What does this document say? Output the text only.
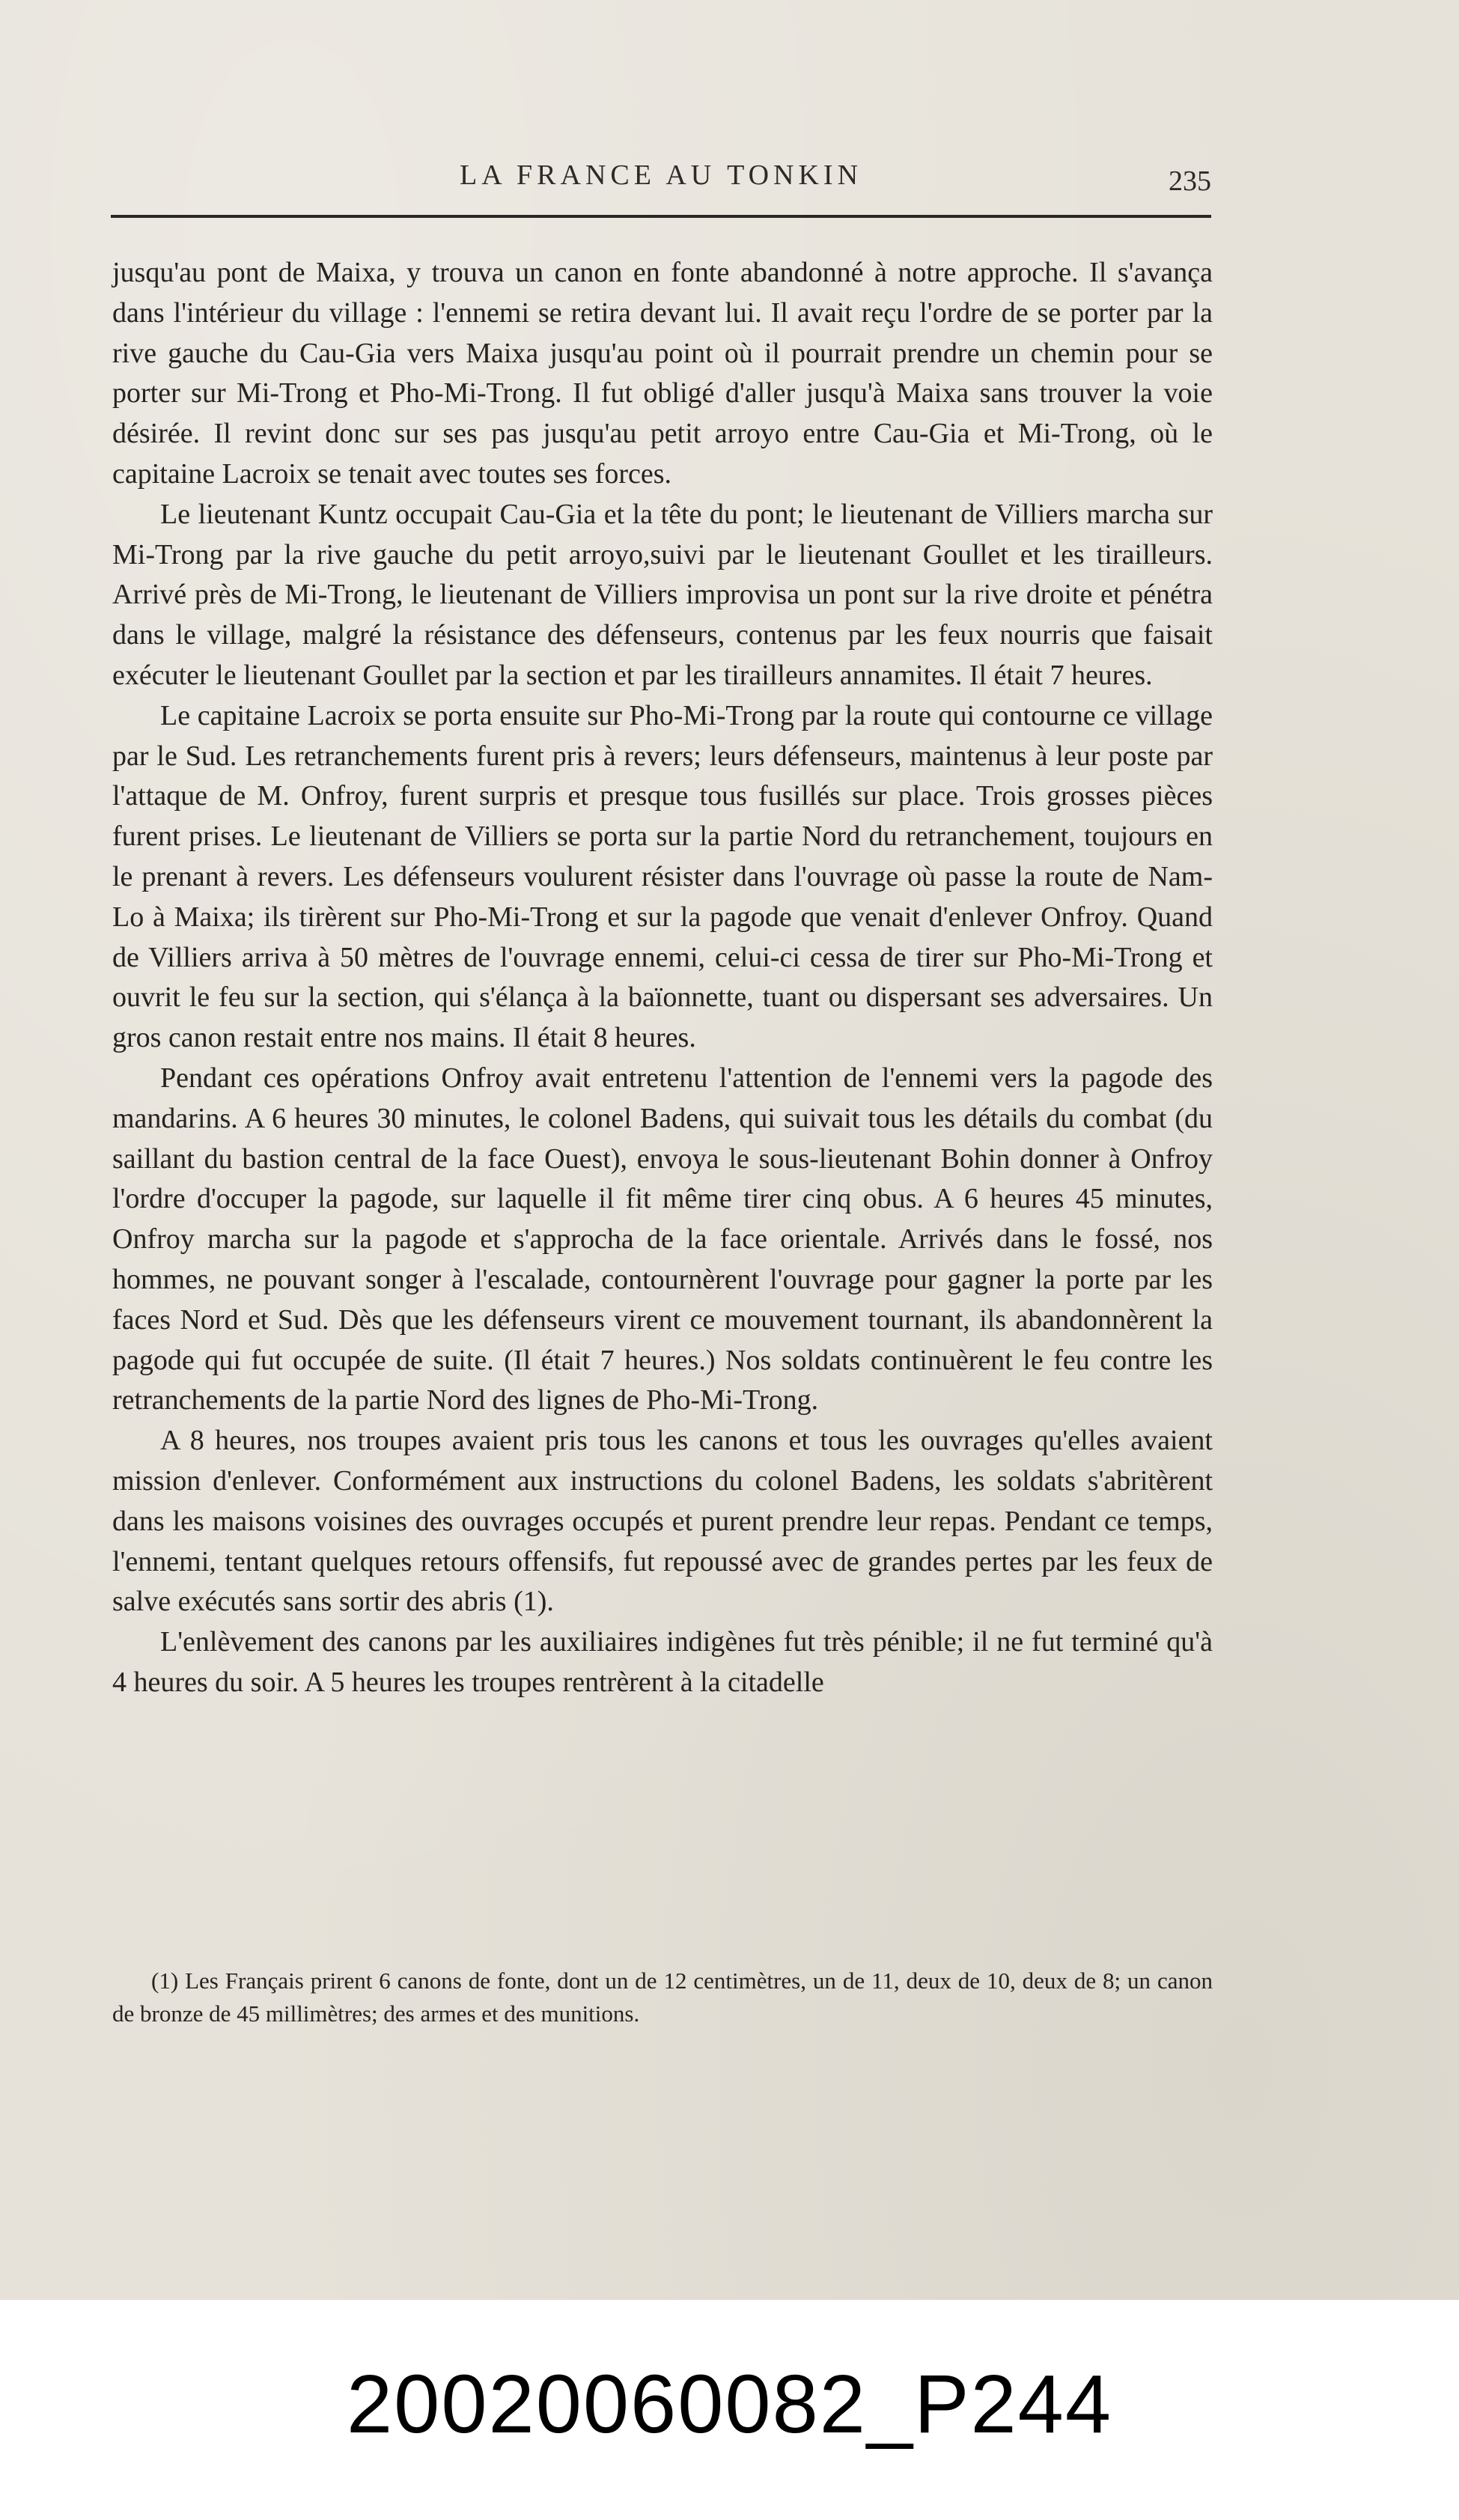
LA FRANCE AU TONKIN	235

jusqu'au pont de Maixa, y trouva un canon en fonte abandonné à notre approche. Il s'avança dans l'intérieur du village : l'ennemi se retira devant lui. Il avait reçu l'ordre de se porter par la rive gauche du Cau-Gia vers Maixa jusqu'au point où il pourrait prendre un chemin pour se porter sur Mi-Trong et Pho-Mi-Trong. Il fut obligé d'aller jusqu'à Maixa sans trouver la voie désirée. Il revint donc sur ses pas jusqu'au petit arroyo entre Cau-Gia et Mi-Trong, où le capitaine Lacroix se tenait avec toutes ses forces.

Le lieutenant Kuntz occupait Cau-Gia et la tête du pont; le lieutenant de Villiers marcha sur Mi-Trong par la rive gauche du petit arroyo,suivi par le lieutenant Goullet et les tirailleurs. Arrivé près de Mi-Trong, le lieutenant de Villiers improvisa un pont sur la rive droite et pénétra dans le village, malgré la résistance des défenseurs, contenus par les feux nourris que faisait exécuter le lieutenant Goullet par la section et par les tirailleurs annamites. Il était 7 heures.

Le capitaine Lacroix se porta ensuite sur Pho-Mi-Trong par la route qui contourne ce village par le Sud. Les retranchements furent pris à revers; leurs défenseurs, maintenus à leur poste par l'attaque de M. Onfroy, furent surpris et presque tous fusillés sur place. Trois grosses pièces furent prises. Le lieutenant de Villiers se porta sur la partie Nord du retranchement, toujours en le prenant à revers. Les défenseurs voulurent résister dans l'ouvrage où passe la route de Nam-Lo à Maixa; ils tirèrent sur Pho-Mi-Trong et sur la pagode que venait d'enlever Onfroy. Quand de Villiers arriva à 50 mètres de l'ouvrage ennemi, celui-ci cessa de tirer sur Pho-Mi-Trong et ouvrit le feu sur la section, qui s'élança à la baïonnette, tuant ou dispersant ses adversaires. Un gros canon restait entre nos mains. Il était 8 heures.

Pendant ces opérations Onfroy avait entretenu l'attention de l'ennemi vers la pagode des mandarins. A 6 heures 30 minutes, le colonel Badens, qui suivait tous les détails du combat (du saillant du bastion central de la face Ouest), envoya le sous-lieutenant Bohin donner à Onfroy l'ordre d'occuper la pagode, sur laquelle il fit même tirer cinq obus. A 6 heures 45 minutes, Onfroy marcha sur la pagode et s'approcha de la face orientale. Arrivés dans le fossé, nos hommes, ne pouvant songer à l'escalade, contournèrent l'ouvrage pour gagner la porte par les faces Nord et Sud. Dès que les défenseurs virent ce mouvement tournant, ils abandonnèrent la pagode qui fut occupée de suite. (Il était 7 heures.) Nos soldats continuèrent le feu contre les retranchements de la partie Nord des lignes de Pho-Mi-Trong.

A 8 heures, nos troupes avaient pris tous les canons et tous les ouvrages qu'elles avaient mission d'enlever. Conformément aux instructions du colonel Badens, les soldats s'abritèrent dans les maisons voisines des ouvrages occupés et purent prendre leur repas. Pendant ce temps, l'ennemi, tentant quelques retours offensifs, fut repoussé avec de grandes pertes par les feux de salve exécutés sans sortir des abris (1).

L'enlèvement des canons par les auxiliaires indigènes fut très pénible; il ne fut terminé qu'à 4 heures du soir. A 5 heures les troupes rentrèrent à la citadelle

(1) Les Français prirent 6 canons de fonte, dont un de 12 centimètres, un de 11, deux de 10, deux de 8; un canon de bronze de 45 millimètres; des armes et des munitions.
20020060082_P244
